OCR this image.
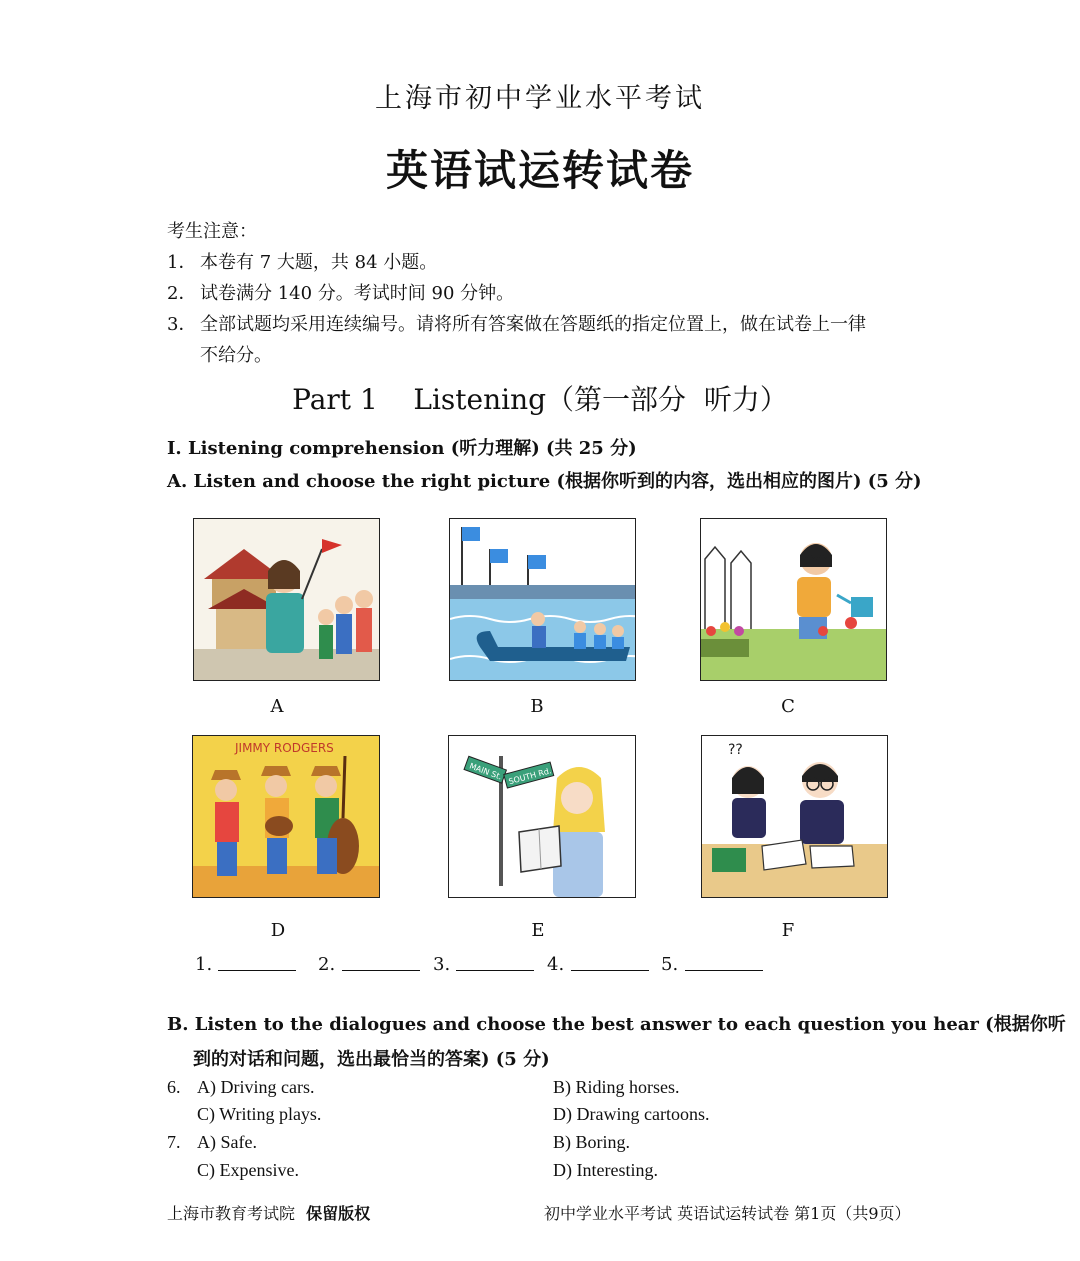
上海市初中学业水平考试
英语试运转试卷
考生注意：
1． 本卷有 7 大题，共 84 小题。
2． 试卷满分 140 分。考试时间 90 分钟。
3． 全部试题均采用连续编号。请将所有答案做在答题纸的指定位置上，做在试卷上一律
不给分。
Part 1    Listening（第一部分  听力）
I. Listening comprehension (听力理解) (共 25 分)
A. Listen and choose the right picture (根据你听到的内容，选出相应的图片) (5 分)
A	B	C
JIMMY RODGERS
D
MAIN St. SOUTH Rd.
E
??
F
1.	2.	3.	4.	5.
B. Listen to the dialogues and choose the best answer to each question you hear (根据你听
到的对话和问题，选出最恰当的答案) (5 分)
6. A) Driving cars.	B) Riding horses.
C) Writing plays.	D) Drawing cartoons.
7. A) Safe.	B) Boring.
C) Expensive.	D) Interesting.
上海市教育考试院 保留版权	初中学业水平考试 英语试运转试卷 第1页（共9页）
